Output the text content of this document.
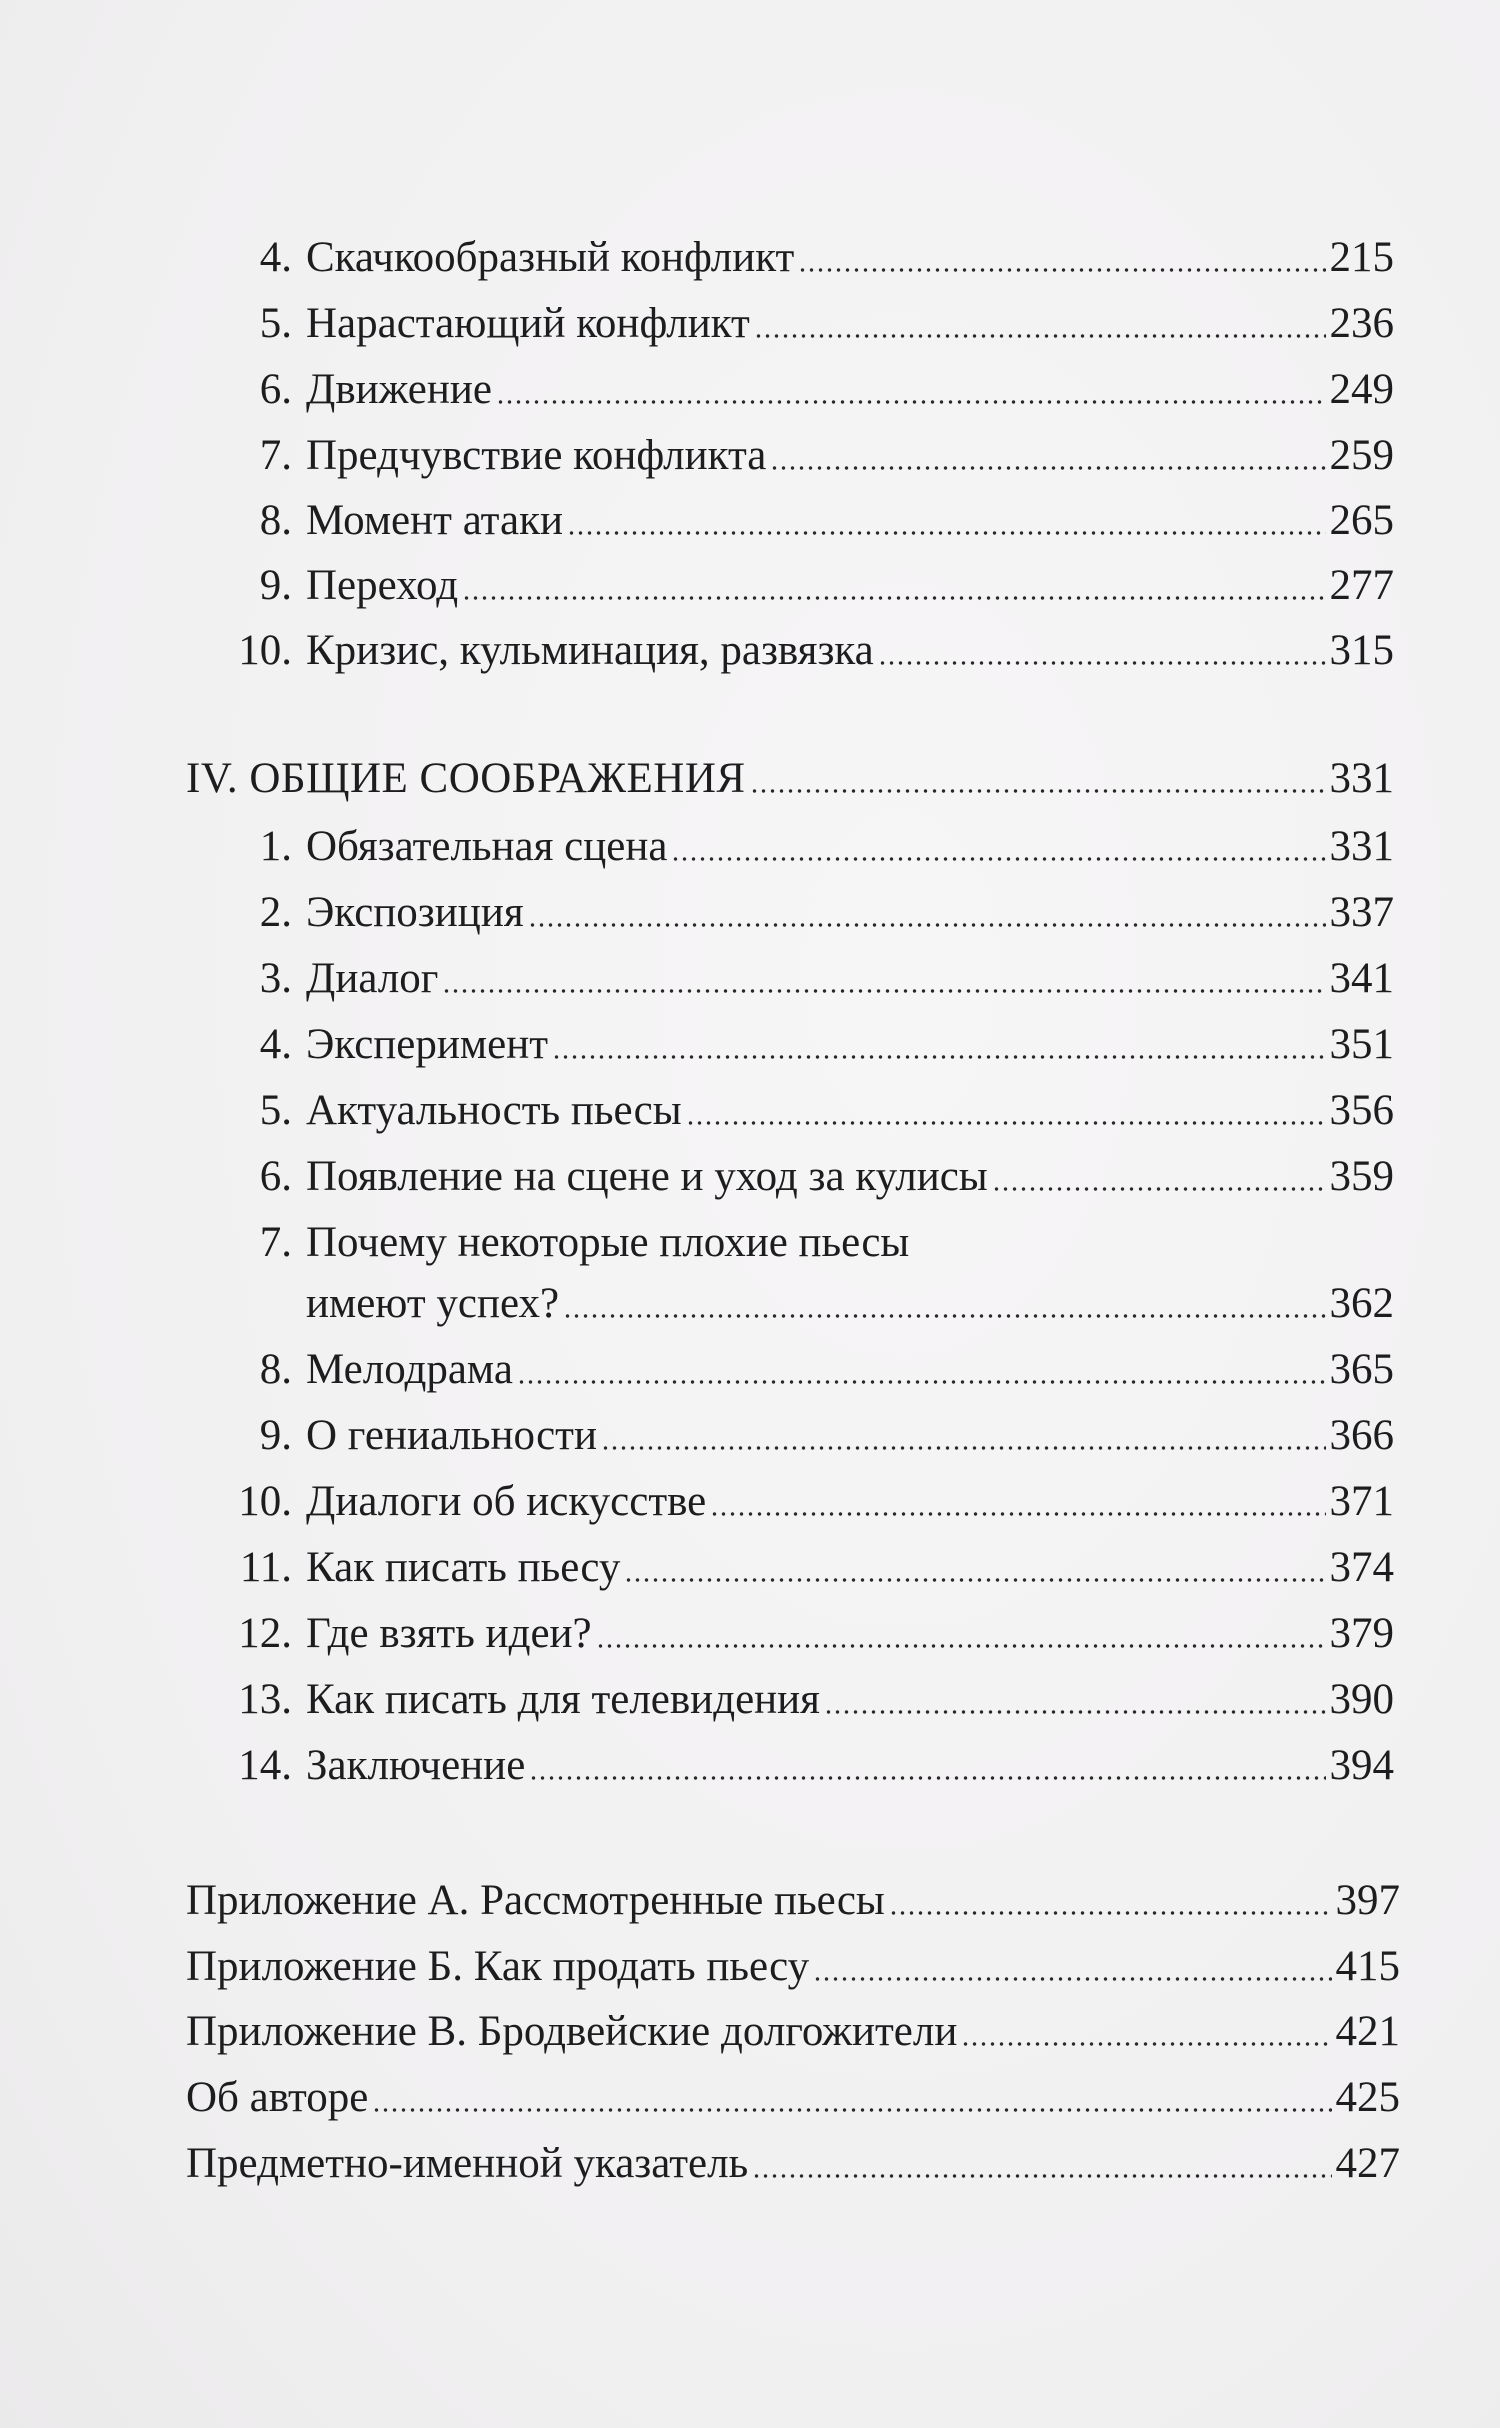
4. Скачкообразный конфликт	215
5. Нарастающий конфликт	236
6. Движение	249
7. Предчувствие конфликта	259
8. Момент атаки	265
9. Переход	277
10. Кризис, кульминация, развязка	315
IV. ОБЩИЕ СООБРАЖЕНИЯ	331
1. Обязательная сцена	331
2. Экспозиция	337
3. Диалог	341
4. Эксперимент	351
5. Актуальность пьесы	356
6. Появление на сцене и уход за кулисы	359
7. Почему некоторые плохие пьесы
имеют успех?	362
8. Мелодрама	365
9. О гениальности	366
10. Диалоги об искусстве	371
11. Как писать пьесу	374
12. Где взять идеи?	379
13. Как писать для телевидения	390
14. Заключение	394
Приложение А. Рассмотренные пьесы	397
Приложение Б. Как продать пьесу	415
Приложение В. Бродвейские долгожители	421
Об авторе	425
Предметно-именной указатель	427
